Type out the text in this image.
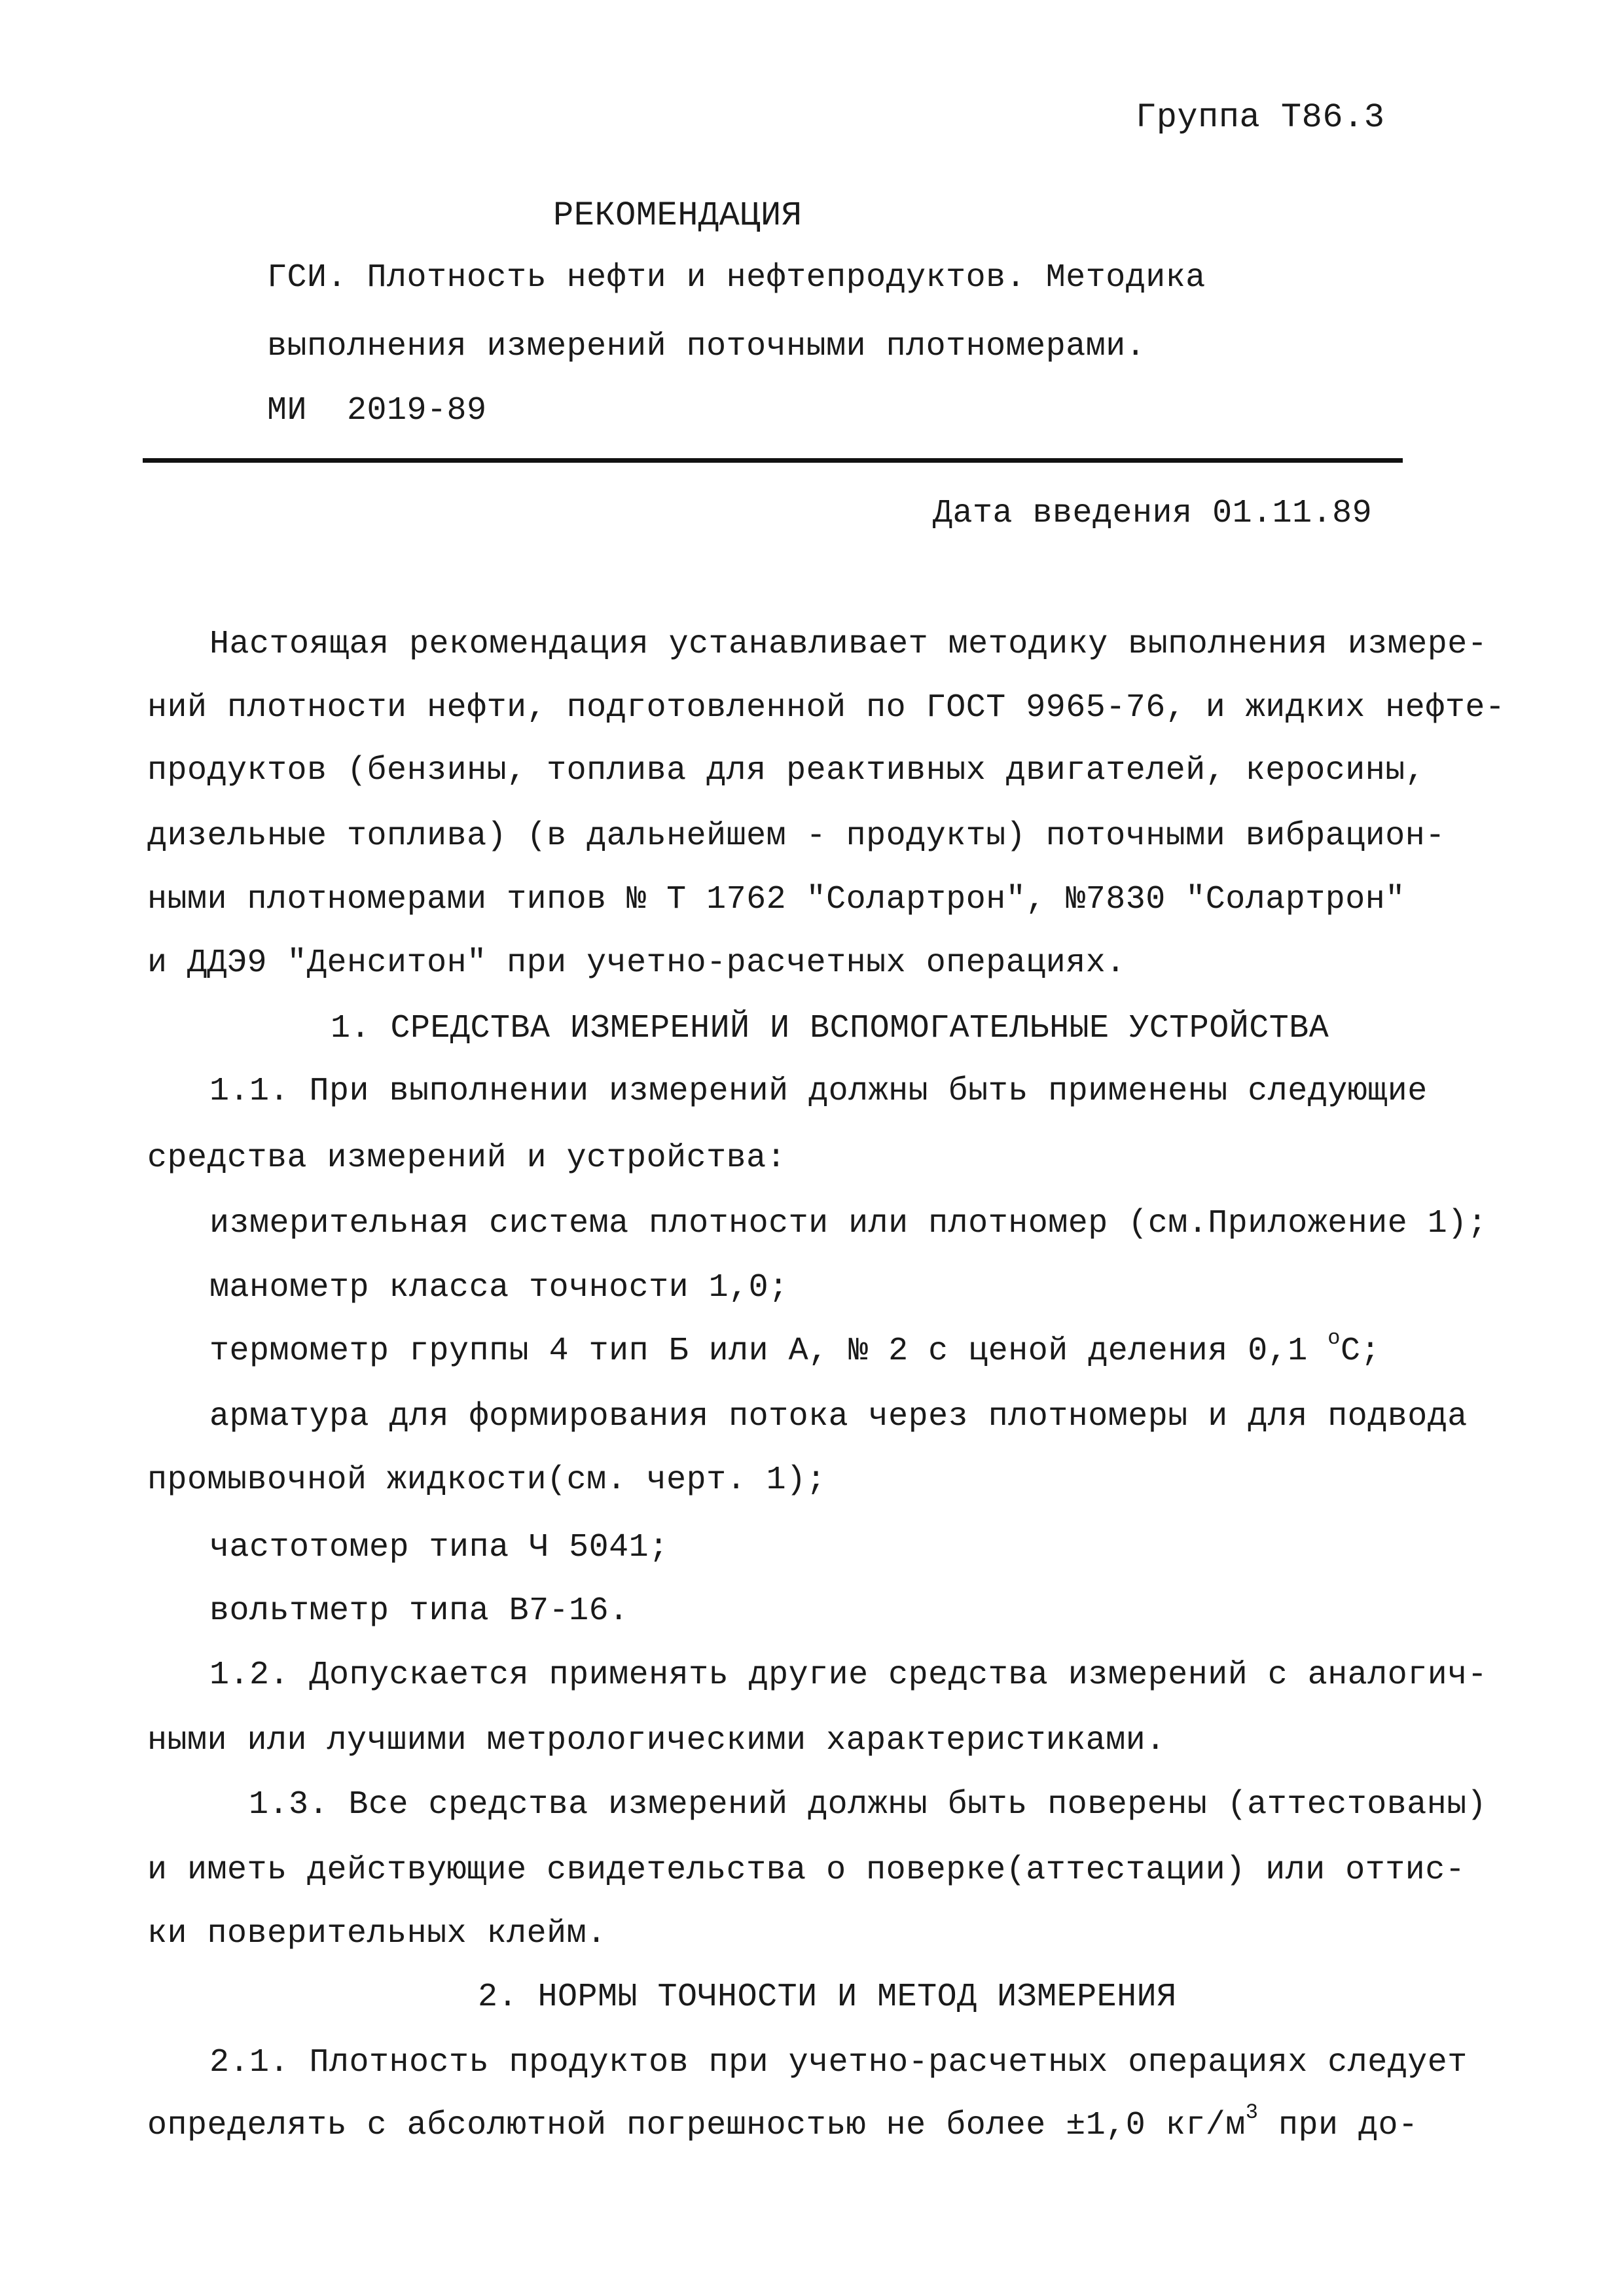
Группа Т86.3
РЕКОМЕНДАЦИЯ
ГСИ. Плотность нефти и нефтепродуктов. Методика
выполнения измерений поточными плотномерами.
МИ  2019-89
Дата введения 01.11.89
Настоящая рекомендация устанавливает методику выполнения измере-
ний плотности нефти, подготовленной по ГОСТ 9965-76, и жидких нефте-
продуктов (бензины, топлива для реактивных двигателей, керосины,
дизельные топлива) (в дальнейшем - продукты) поточными вибрацион-
ными плотномерами типов № Т 1762 "Солартрон", №7830 "Солартрон"
и ДДЭ9 "Денситон" при учетно-расчетных операциях.
1. СРЕДСТВА ИЗМЕРЕНИЙ И ВСПОМОГАТЕЛЬНЫЕ УСТРОЙСТВА
1.1. При выполнении измерений должны быть применены следующие
средства измерений и устройства:
измерительная система плотности или плотномер (см.Приложение 1);
манометр класса точности 1,0;
термометр группы 4 тип Б или А, № 2 с ценой деления 0,1 $^о$С;
арматура для формирования потока через плотномеры и для подвода
промывочной жидкости(см. черт. 1);
частотомер типа Ч 5041;
вольтметр типа В7-16.
1.2. Допускается применять другие средства измерений с аналогич-
ными или лучшими метрологическими характеристиками.
1.3. Все средства измерений должны быть поверены (аттестованы)
и иметь действующие свидетельства о поверке(аттестации) или оттис-
ки поверительных клейм.
2. НОРМЫ ТОЧНОСТИ И МЕТОД ИЗМЕРЕНИЯ
2.1. Плотность продуктов при учетно-расчетных операциях следует
определять с абсолютной погрешностью не более ±1,0 $кг/м^3$ при до-
